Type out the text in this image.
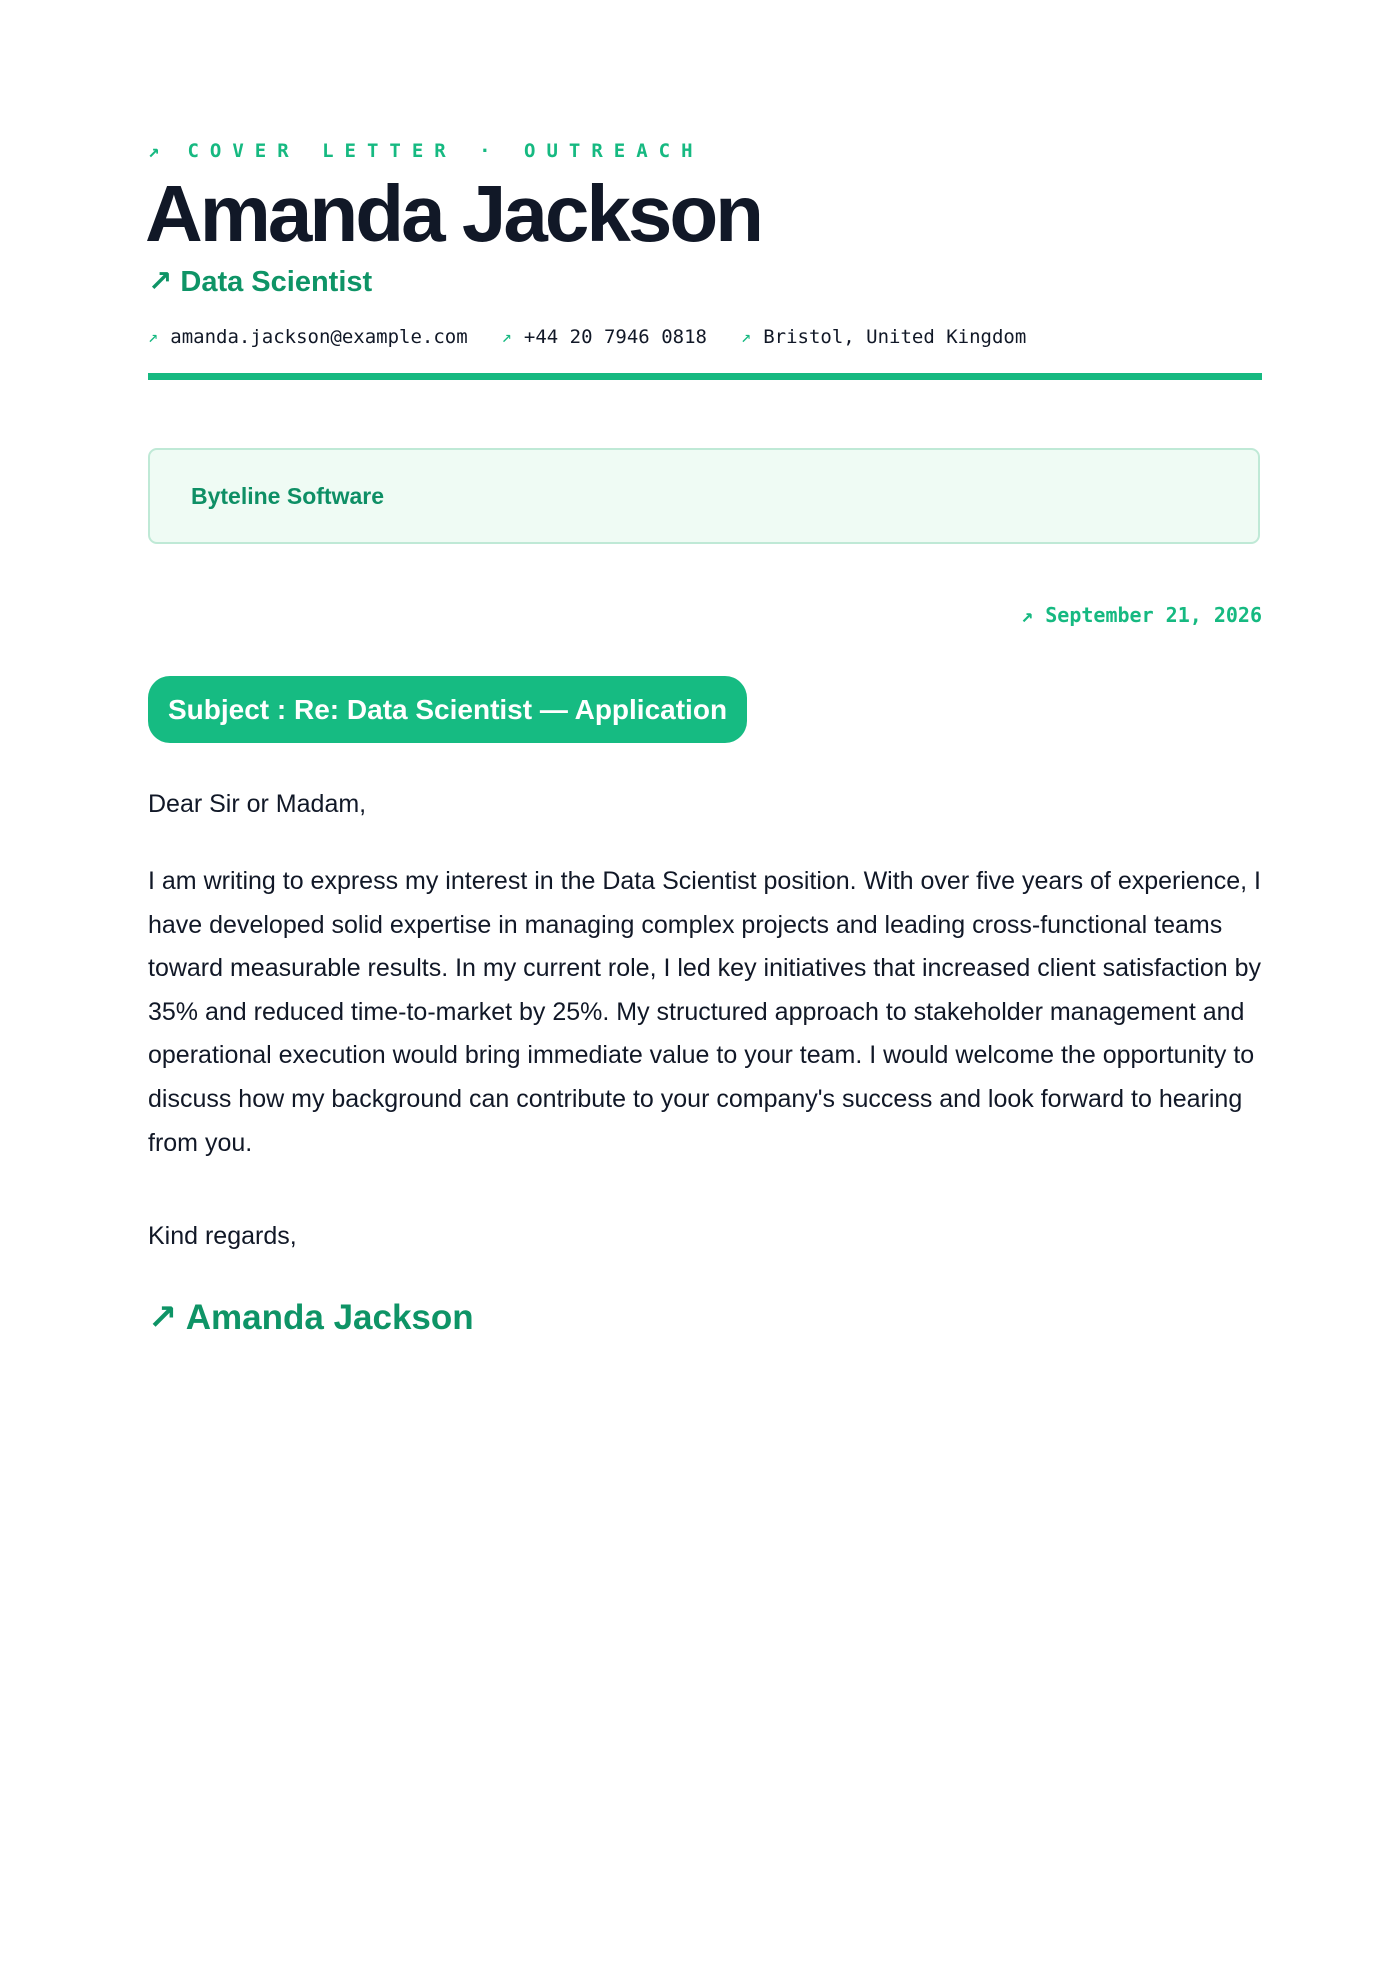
↗ COVER LETTER · OUTREACH
Amanda Jackson
↗ Data Scientist
↗ amanda.jackson@example.com ↗ +44 20 7946 0818 ↗ Bristol, United Kingdom
Byteline Software
↗ September 21, 2026
Subject : Re: Data Scientist — Application
Dear Sir or Madam,

I am writing to express my interest in the Data Scientist position. With over five years of experience, I have developed solid expertise in managing complex projects and leading cross-functional teams toward measurable results. In my current role, I led key initiatives that increased client satisfaction by 35% and reduced time-to-market by 25%. My structured approach to stakeholder management and operational execution would bring immediate value to your team. I would welcome the opportunity to discuss how my background can contribute to your company's success and look forward to hearing from you.

Kind regards,
↗ Amanda Jackson
